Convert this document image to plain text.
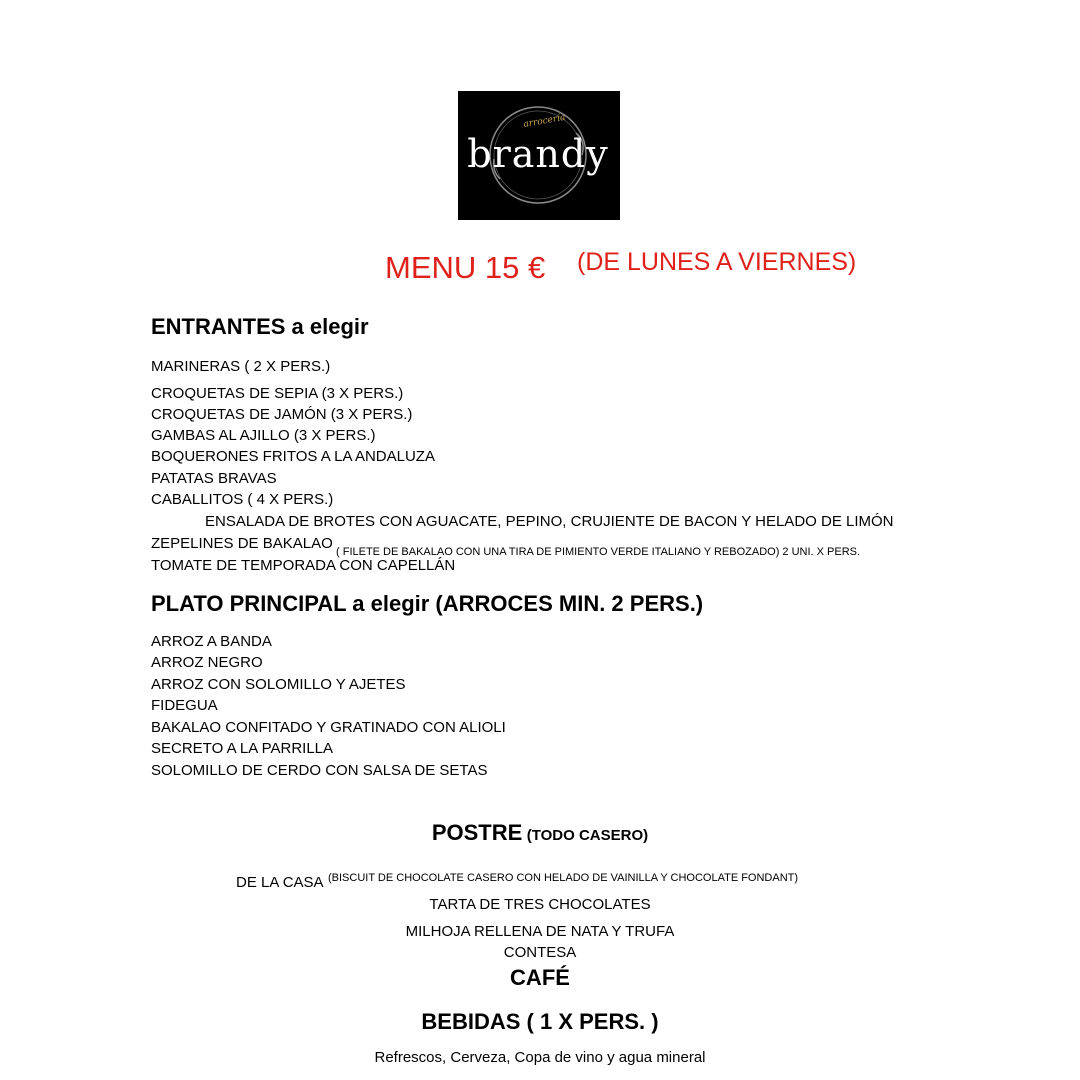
arrocería
brandy
MENU 15 € (DE LUNES A VIERNES)
ENTRANTES a elegir
MARINERAS ( 2 X PERS.)
CROQUETAS DE SEPIA (3 X PERS.)
CROQUETAS DE JAMÓN (3 X PERS.)
GAMBAS AL AJILLO (3 X PERS.)
BOQUERONES FRITOS A LA ANDALUZA
PATATAS BRAVAS
CABALLITOS ( 4 X PERS.)
ENSALADA DE BROTES CON AGUACATE, PEPINO, CRUJIENTE DE BACON Y HELADO DE LIMÓN
ZEPELINES DE BAKALAO ( FILETE DE BAKALAO CON UNA TIRA DE PIMIENTO VERDE ITALIANO Y REBOZADO) 2 UNI. X PERS.
TOMATE DE TEMPORADA CON CAPELLÁN
PLATO PRINCIPAL a elegir (ARROCES MIN. 2 PERS.)
ARROZ A BANDA
ARROZ NEGRO
ARROZ CON SOLOMILLO Y AJETES
FIDEGUA
BAKALAO CONFITADO Y GRATINADO CON ALIOLI
SECRETO A LA PARRILLA
SOLOMILLO DE CERDO CON SALSA DE SETAS
POSTRE (TODO CASERO)
DE LA CASA $^{(BISCUIT DE CHOCOLATE CASERO CON HELADO DE VAINILLA Y CHOCOLATE FONDANT)}$
TARTA DE TRES CHOCOLATES
MILHOJA RELLENA DE NATA Y TRUFA
CONTESA
CAFÉ
BEBIDAS ( 1 X PERS. )
Refrescos, Cerveza, Copa de vino y agua mineral
